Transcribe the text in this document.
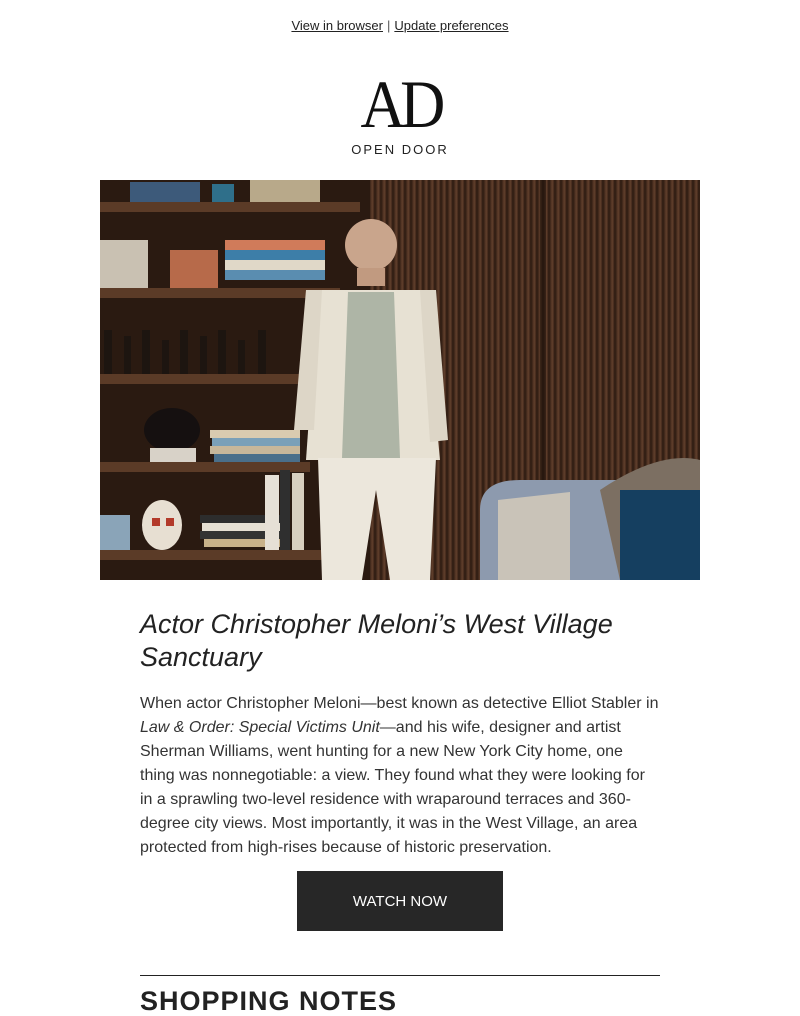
View in browser | Update preferences
AD
OPEN DOOR
Actor Christopher Meloni’s West Village Sanctuary

When actor Christopher Meloni—best known as detective Elliot Stabler in Law & Order: Special Victims Unit—and his wife, designer and artist Sherman Williams, went hunting for a new New York City home, one thing was nonnegotiable: a view. They found what they were looking for in a sprawling two-level residence with wraparound terraces and 360-degree city views. Most importantly, it was in the West Village, an area protected from high-rises because of historic preservation.

WATCH NOW
SHOPPING NOTES
